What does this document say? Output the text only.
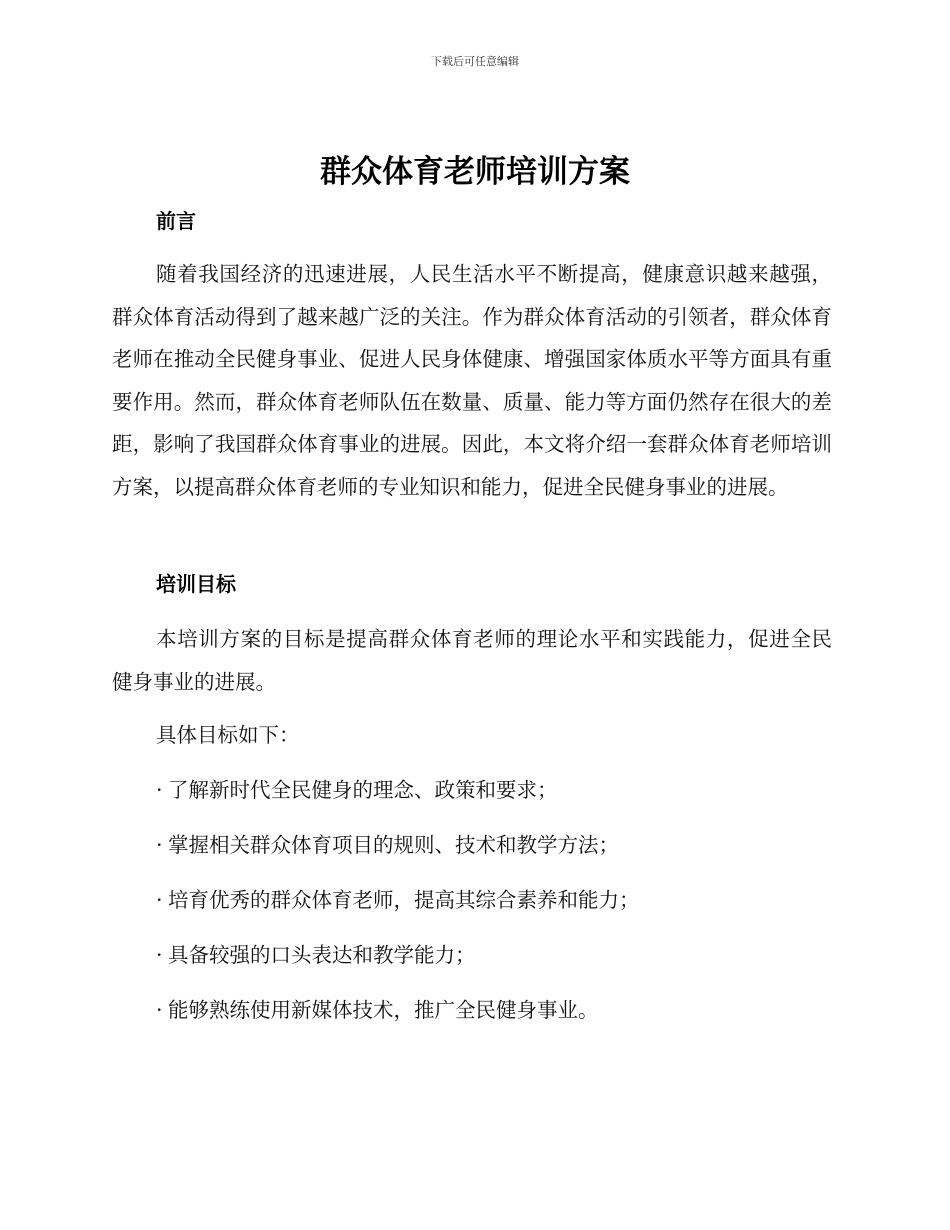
下载后可任意编辑
群众体育老师培训方案
前言

随着我国经济的迅速进展，人民生活水平不断提高，健康意识越来越强，群众体育活动得到了越来越广泛的关注。作为群众体育活动的引领者，群众体育老师在推动全民健身事业、促进人民身体健康、增强国家体质水平等方面具有重要作用。然而，群众体育老师队伍在数量、质量、能力等方面仍然存在很大的差距，影响了我国群众体育事业的进展。因此，本文将介绍一套群众体育老师培训方案，以提高群众体育老师的专业知识和能力，促进全民健身事业的进展。

培训目标

本培训方案的目标是提高群众体育老师的理论水平和实践能力，促进全民健身事业的进展。

具体目标如下：

· 了解新时代全民健身的理念、政策和要求；

· 掌握相关群众体育项目的规则、技术和教学方法；

· 培育优秀的群众体育老师，提高其综合素养和能力；

· 具备较强的口头表达和教学能力；

· 能够熟练使用新媒体技术，推广全民健身事业。
